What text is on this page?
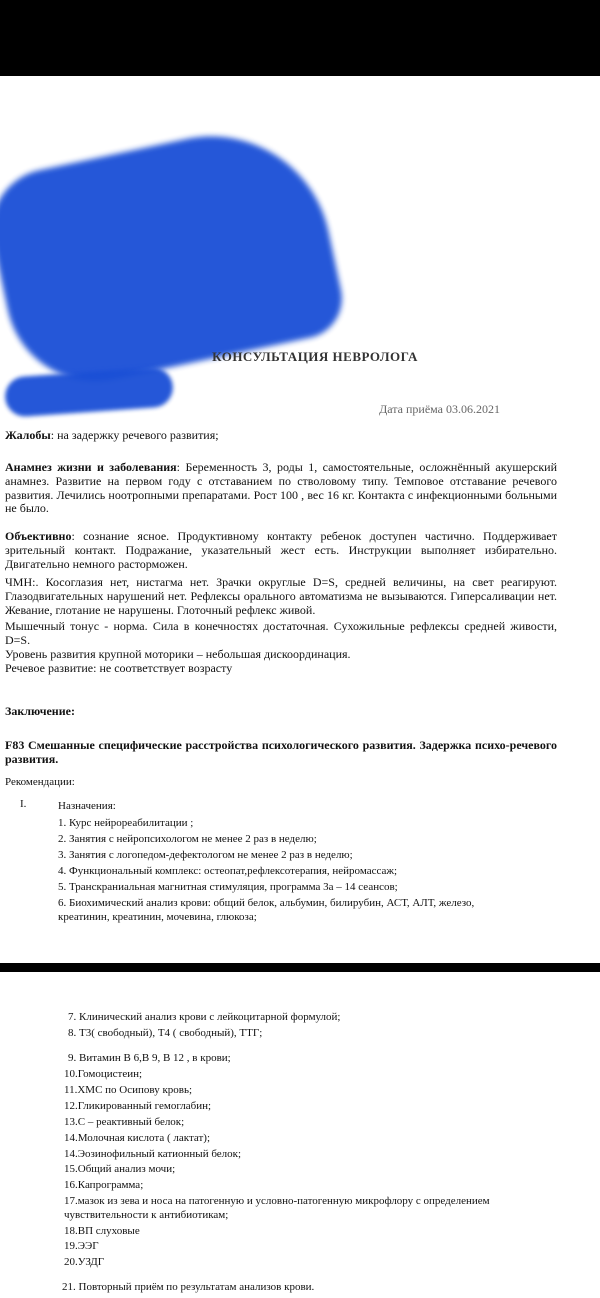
КОНСУЛЬТАЦИЯ НЕВРОЛОГА
Дата приёма 03.06.2021
Жалобы: на задержку речевого развития;
Анамнез жизни и заболевания: Беременность 3, роды 1, самостоятельные, осложнённый акушерский анамнез. Развитие на первом году с отставанием по стволовому типу. Темповое отставание речевого развития. Лечились ноотропными препаратами. Рост 100 , вес 16 кг. Контакта с инфекционными больными не было.
Объективно: сознание ясное. Продуктивному контакту ребенок доступен частично. Поддерживает зрительный контакт. Подражание, указательный жест есть. Инструкции выполняет избирательно. Двигательно немного расторможен.
ЧМН:. Косоглазия нет, нистагма нет. Зрачки округлые D=S, средней величины, на свет реагируют. Глазодвигательных нарушений нет. Рефлексы орального автоматизма не вызываются. Гиперсаливации нет. Жевание, глотание не нарушены. Глоточный рефлекс живой.
Мышечный тонус - норма. Сила в конечностях достаточная. Сухожильные рефлексы средней живости, D=S.
Уровень развития крупной моторики – небольшая дискоординация.
Речевое развитие: не соответствует возрасту
Заключение:
F83 Смешанные специфические расстройства психологического развития. Задержка психо-речевого развития.
Рекомендации:
I.	Назначения:
1. Курс нейрореабилитации ;
2. Занятия с нейропсихологом не менее 2 раз в неделю;
3. Занятия с логопедом-дефектологом не менее 2 раз в неделю;
4. Функциональный комплекс: остеопат,рефлексотерапия, нейромассаж;
5. Транскраниальная магнитная стимуляция, программа 3а – 14 сеансов;
6. Биохимический анализ крови: общий белок, альбумин, билирубин, АСТ, АЛТ, железо,
креатинин, креатинин, мочевина, глюкоза;
7. Клинический анализ крови с лейкоцитарной формулой;
8. Т3( свободный), Т4 ( свободный), ТТГ;
9. Витамин В 6,В 9, В 12 , в крови;
10.Гомоцистеин;
11.ХМС по Осипову кровь;
12.Гликированный гемоглабин;
13.С – реактивный белок;
14.Молочная кислота ( лактат);
14.Эозинофильный катионный белок;
15.Общий анализ мочи;
16.Капрограмма;
17.мазок из зева и носа на патогенную и условно-патогенную микрофлору с определением
чувствительности к антибиотикам;
18.ВП слуховые
19.ЭЭГ
20.УЗДГ
21. Повторный приём по результатам анализов крови.
